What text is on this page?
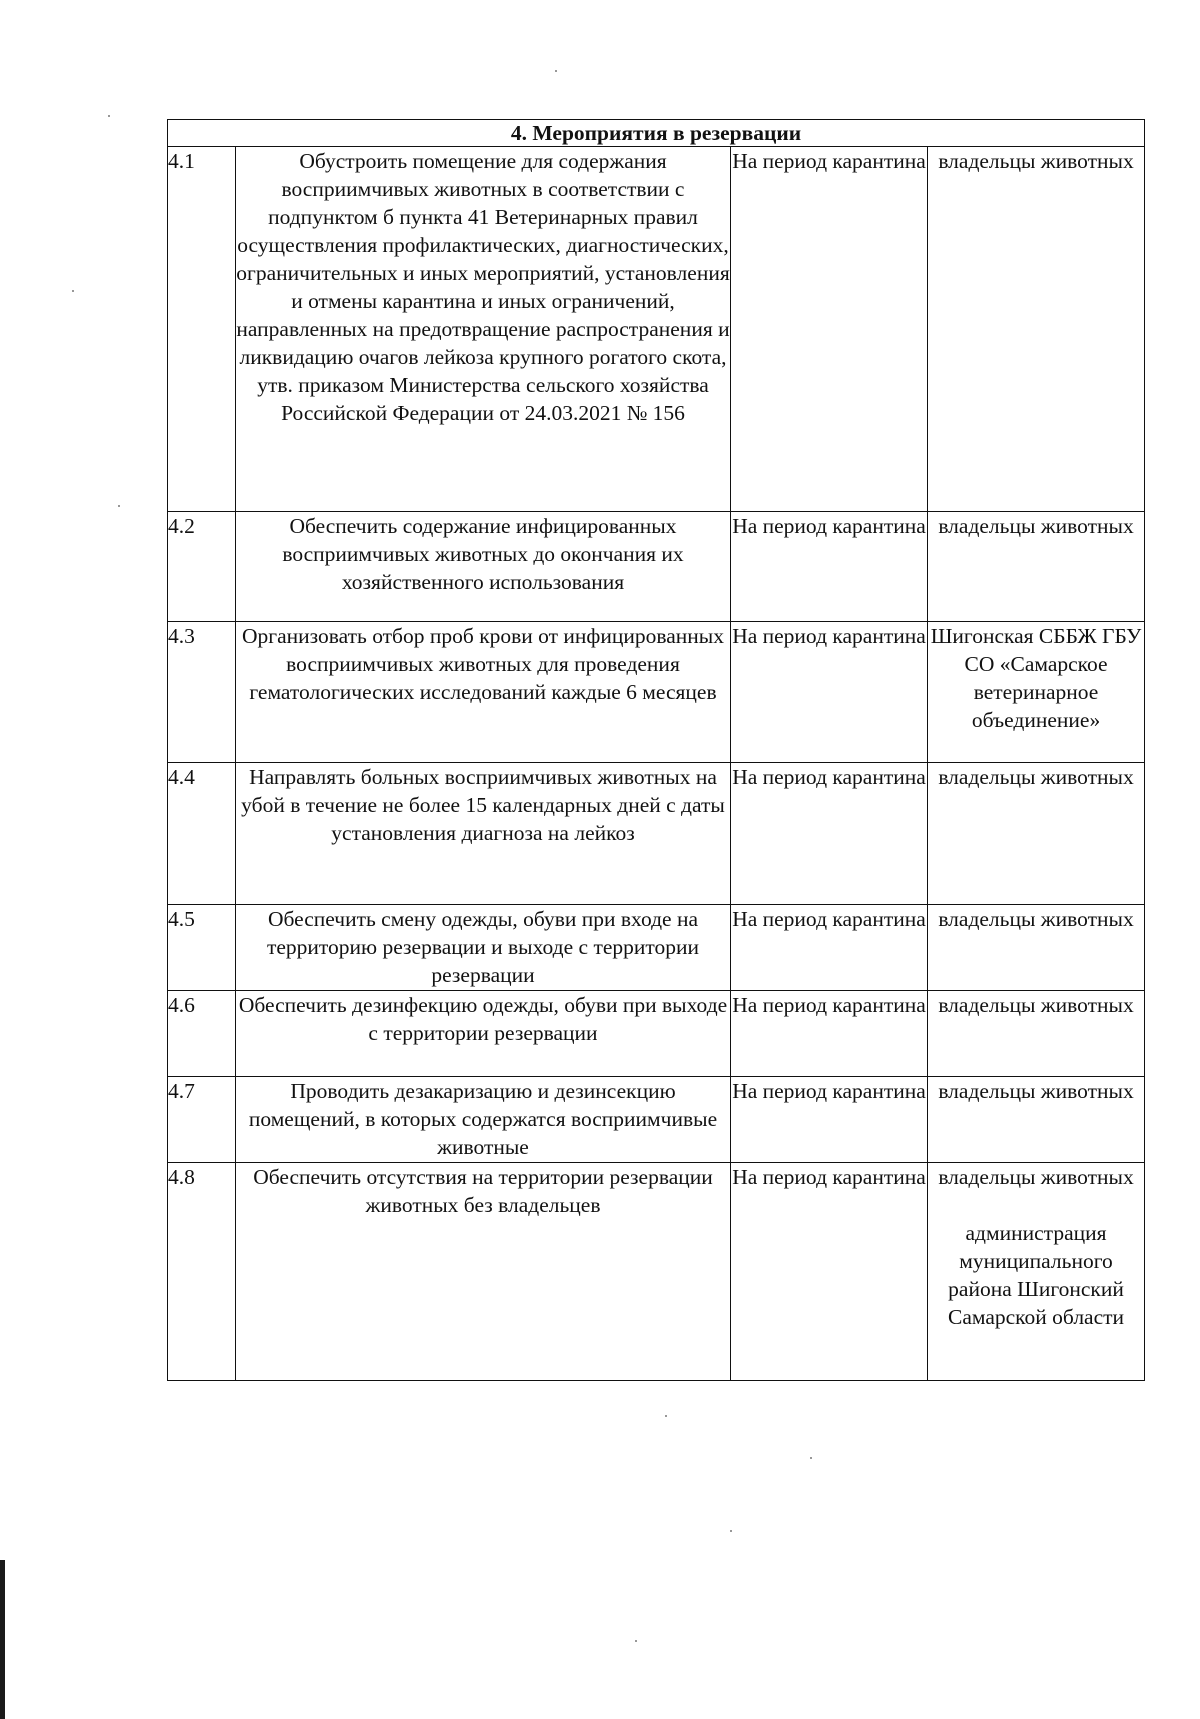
4. Мероприятия в резервации			
4.1	Обустроить помещение для содержания восприимчивых животных в соответствии с подпунктом б пункта 41 Ветеринарных правил осуществления профилактических, диагностических, ограничительных и иных мероприятий, установления и отмены карантина и иных ограничений, направленных на предотвращение распространения и ликвидацию очагов лейкоза крупного рогатого скота, утв. приказом Министерства сельского хозяйства Российской Федерации от 24.03.2021 № 156	На период карантина	владельцы животных

4.2	Обеспечить содержание инфицированных восприимчивых животных до окончания их хозяйственного использования	На период карантина	владельцы животных

4.3	Организовать отбор проб крови от инфицированных восприимчивых животных для проведения гематологических исследований каждые 6 месяцев	На период карантина	Шигонская СББЖ ГБУ СО «Самарское ветеринарное объединение»

4.4	Направлять больных восприимчивых животных на убой в течение не более 15 календарных дней с даты установления диагноза на лейкоз	На период карантина	владельцы животных

4.5	Обеспечить смену одежды, обуви при входе на территорию резервации и выходе с территории резервации	На период карантина	владельцы животных

4.6	Обеспечить дезинфекцию одежды, обуви при выходе с территории резервации	На период карантина	владельцы животных

4.7	Проводить дезакаризацию и дезинсекцию помещений, в которых содержатся восприимчивые животные	На период карантина	владельцы животных

4.8	Обеспечить отсутствия на территории резервации животных без владельцев	На период карантина	владельцы животных
администрация муниципального района Шигонский Самарской области
